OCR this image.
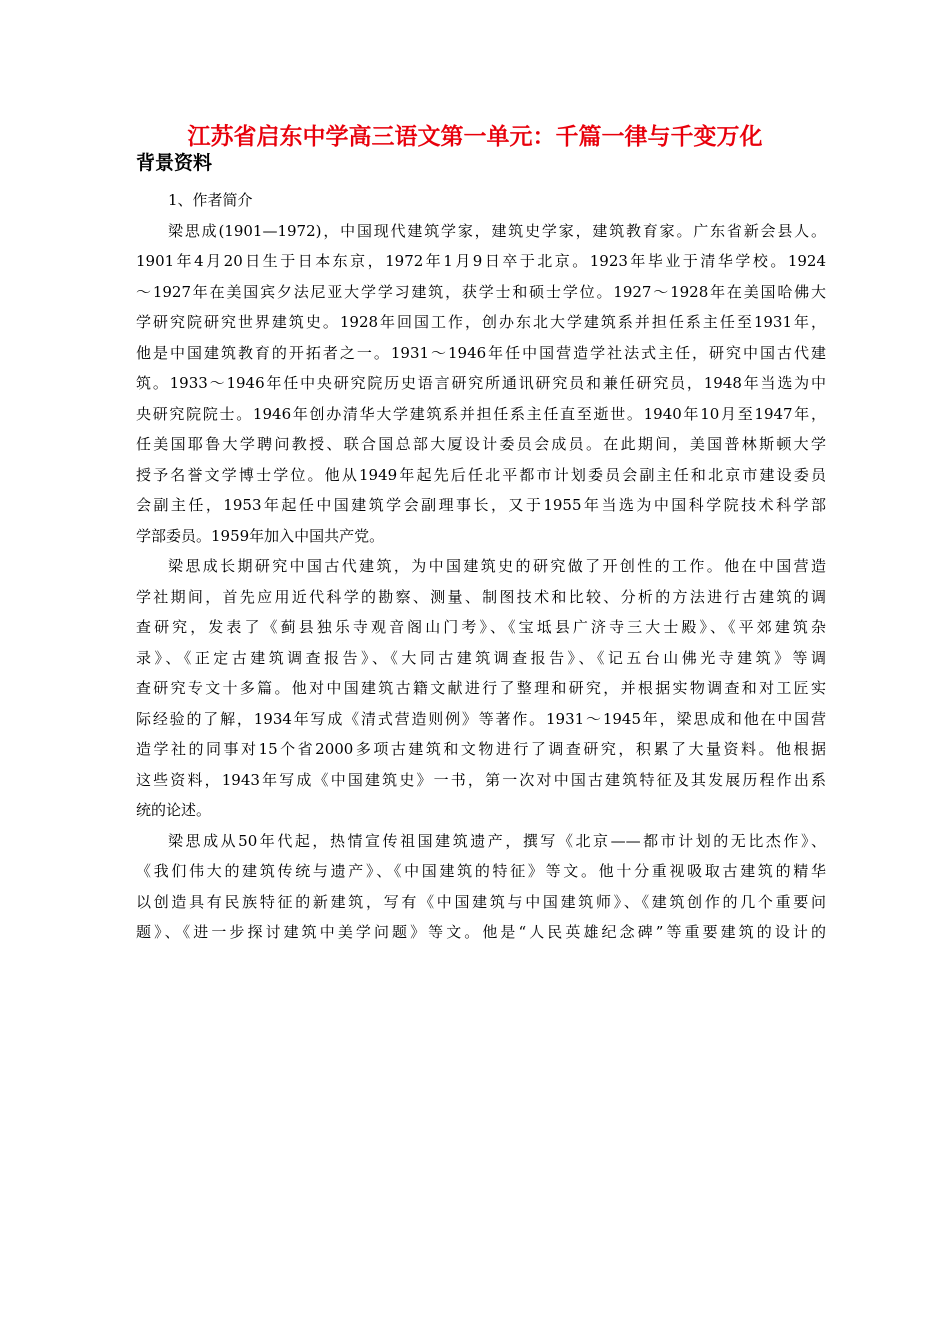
江苏省启东中学高三语文第一单元：千篇一律与千变万化
背景资料
1、作者简介
梁思成(1901—1972)，中国现代建筑学家，建筑史学家，建筑教育家。广东省新会县人。
1901年4月20日生于日本东京，1972年1月9日卒于北京。1923年毕业于清华学校。1924
～1927年在美国宾夕法尼亚大学学习建筑，获学士和硕士学位。1927～1928年在美国哈佛大
学研究院研究世界建筑史。1928年回国工作，创办东北大学建筑系并担任系主任至1931年，
他是中国建筑教育的开拓者之一。1931～1946年任中国营造学社法式主任，研究中国古代建
筑。1933～1946年任中央研究院历史语言研究所通讯研究员和兼任研究员，1948年当选为中
央研究院院士。1946年创办清华大学建筑系并担任系主任直至逝世。1940年10月至1947年，
任美国耶鲁大学聘问教授、联合国总部大厦设计委员会成员。在此期间，美国普林斯顿大学
授予名誉文学博士学位。他从1949年起先后任北平都市计划委员会副主任和北京市建设委员
会副主任，1953年起任中国建筑学会副理事长，又于1955年当选为中国科学院技术科学部
学部委员。1959年加入中国共产党。
梁思成长期研究中国古代建筑，为中国建筑史的研究做了开创性的工作。他在中国营造
学社期间，首先应用近代科学的勘察、测量、制图技术和比较、分析的方法进行古建筑的调
查研究，发表了《蓟县独乐寺观音阁山门考》、《宝坻县广济寺三大士殿》、《平郊建筑杂
录》、《正定古建筑调查报告》、《大同古建筑调查报告》、《记五台山佛光寺建筑》等调
查研究专文十多篇。他对中国建筑古籍文献进行了整理和研究，并根据实物调查和对工匠实
际经验的了解，1934年写成《清式营造则例》等著作。1931～1945年，梁思成和他在中国营
造学社的同事对15个省2000多项古建筑和文物进行了调查研究，积累了大量资料。他根据
这些资料，1943年写成《中国建筑史》一书，第一次对中国古建筑特征及其发展历程作出系
统的论述。
梁思成从50年代起，热情宣传祖国建筑遗产，撰写《北京——都市计划的无比杰作》、
《我们伟大的建筑传统与遗产》、《中国建筑的特征》等文。他十分重视吸取古建筑的精华
以创造具有民族特征的新建筑，写有《中国建筑与中国建筑师》、《建筑创作的几个重要问
题》、《进一步探讨建筑中美学问题》等文。他是“人民英雄纪念碑”等重要建筑的设计的
